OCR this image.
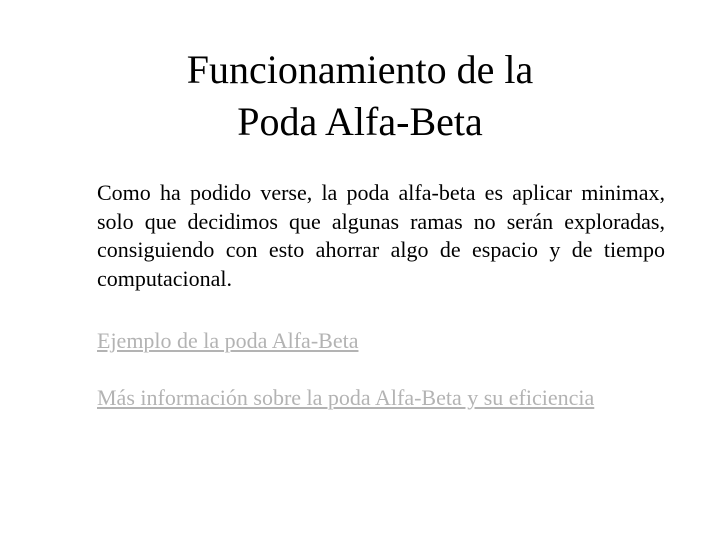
Funcionamiento de la
Poda Alfa-Beta

Como ha podido verse, la poda alfa-beta es aplicar minimax, solo que decidimos que algunas ramas no serán exploradas, consiguiendo con esto ahorrar algo de espacio y de tiempo computacional.

Ejemplo de la poda Alfa-Beta
Más información sobre la poda Alfa-Beta y su eficiencia
